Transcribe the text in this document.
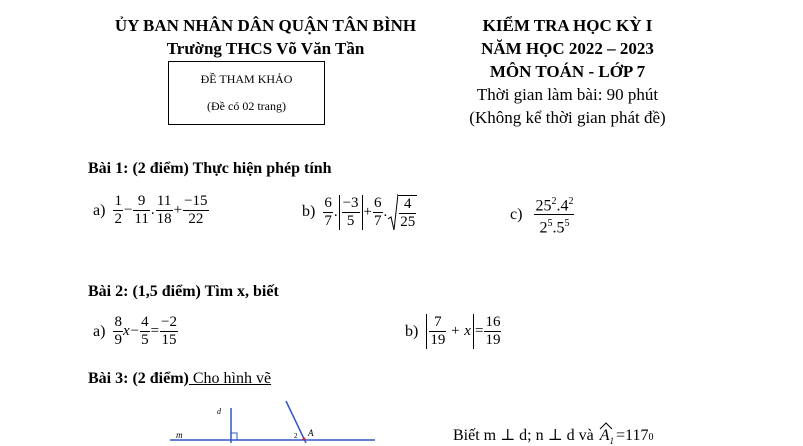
ỦY BAN NHÂN DÂN QUẬN TÂN BÌNH
Trường THCS Võ Văn Tần
ĐỀ THAM KHẢO
(Đề có 02 trang)
KIỂM TRA HỌC KỲ I
NĂM HỌC 2022 – 2023
MÔN TOÁN - LỚP 7
Thời gian làm bài: 90 phút
(Không kể thời gian phát đề)
Bài 1: (2 điểm) Thực hiện phép tính
$a) \frac{1}{2} - \frac{9}{11}$ . $\frac{11}{18} + \frac{-15}{22}$	$b) \frac{6}{7}$ . $\frac{-3}{5} + \frac{6}{7}$ . $\frac{4}{25}$	$c) \frac{25^2.4^2}{2^5.5^5}$
Bài 2: (1,5 điểm) Tìm x, biết
$a) \frac{8}{9}$ $x - \frac{4}{5} = \frac{-2}{15}$	$b) \frac{7}{19} + x = \frac{16}{19}$
Bài 3: (2 điểm) Cho hình vẽ
d
m	2 A	Biết m ⊥ d; n ⊥ d và $A_1 =117$ 0
